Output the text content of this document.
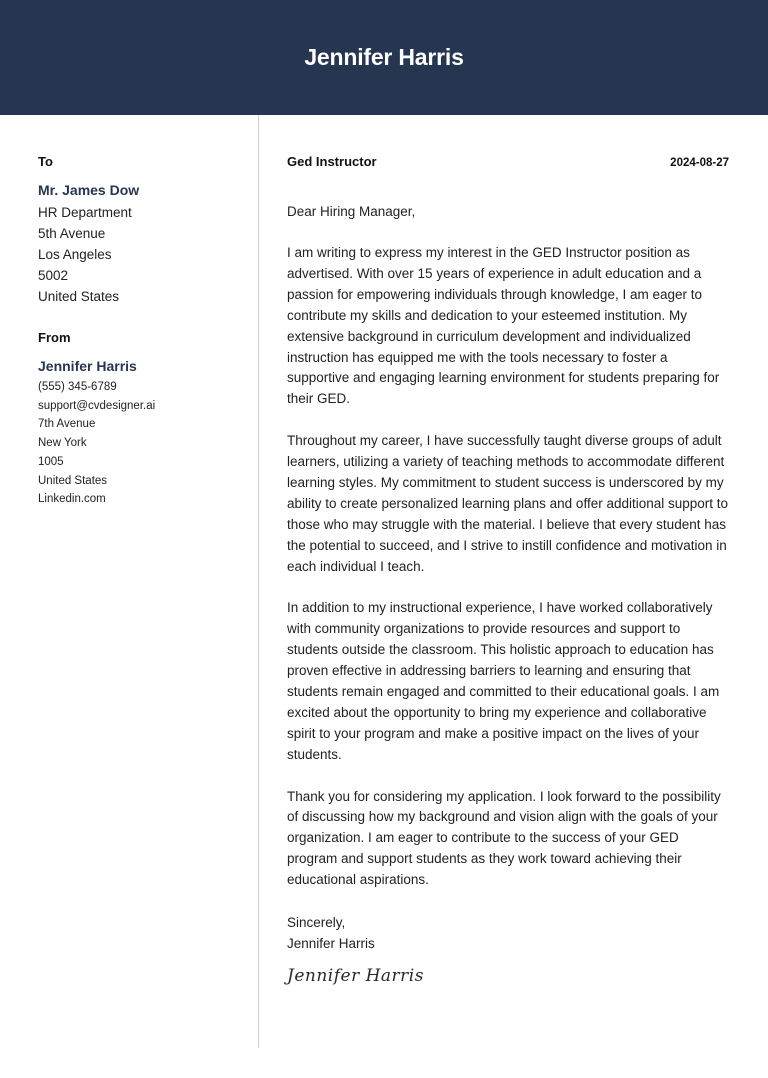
Jennifer Harris
To
Mr. James Dow
HR Department
5th Avenue
Los Angeles
5002
United States
From
Jennifer Harris
(555) 345-6789
support@cvdesigner.ai
7th Avenue
New York
1005
United States
Linkedin.com
Ged Instructor	2024-08-27
Dear Hiring Manager,

I am writing to express my interest in the GED Instructor position as advertised. With over 15 years of experience in adult education and a passion for empowering individuals through knowledge, I am eager to contribute my skills and dedication to your esteemed institution. My extensive background in curriculum development and individualized instruction has equipped me with the tools necessary to foster a supportive and engaging learning environment for students preparing for their GED.

Throughout my career, I have successfully taught diverse groups of adult learners, utilizing a variety of teaching methods to accommodate different learning styles. My commitment to student success is underscored by my ability to create personalized learning plans and offer additional support to those who may struggle with the material. I believe that every student has the potential to succeed, and I strive to instill confidence and motivation in each individual I teach.

In addition to my instructional experience, I have worked collaboratively with community organizations to provide resources and support to students outside the classroom. This holistic approach to education has proven effective in addressing barriers to learning and ensuring that students remain engaged and committed to their educational goals. I am excited about the opportunity to bring my experience and collaborative spirit to your program and make a positive impact on the lives of your students.

Thank you for considering my application. I look forward to the possibility of discussing how my background and vision align with the goals of your organization. I am eager to contribute to the success of your GED program and support students as they work toward achieving their educational aspirations.

Sincerely,
Jennifer Harris
Jennifer Harris
